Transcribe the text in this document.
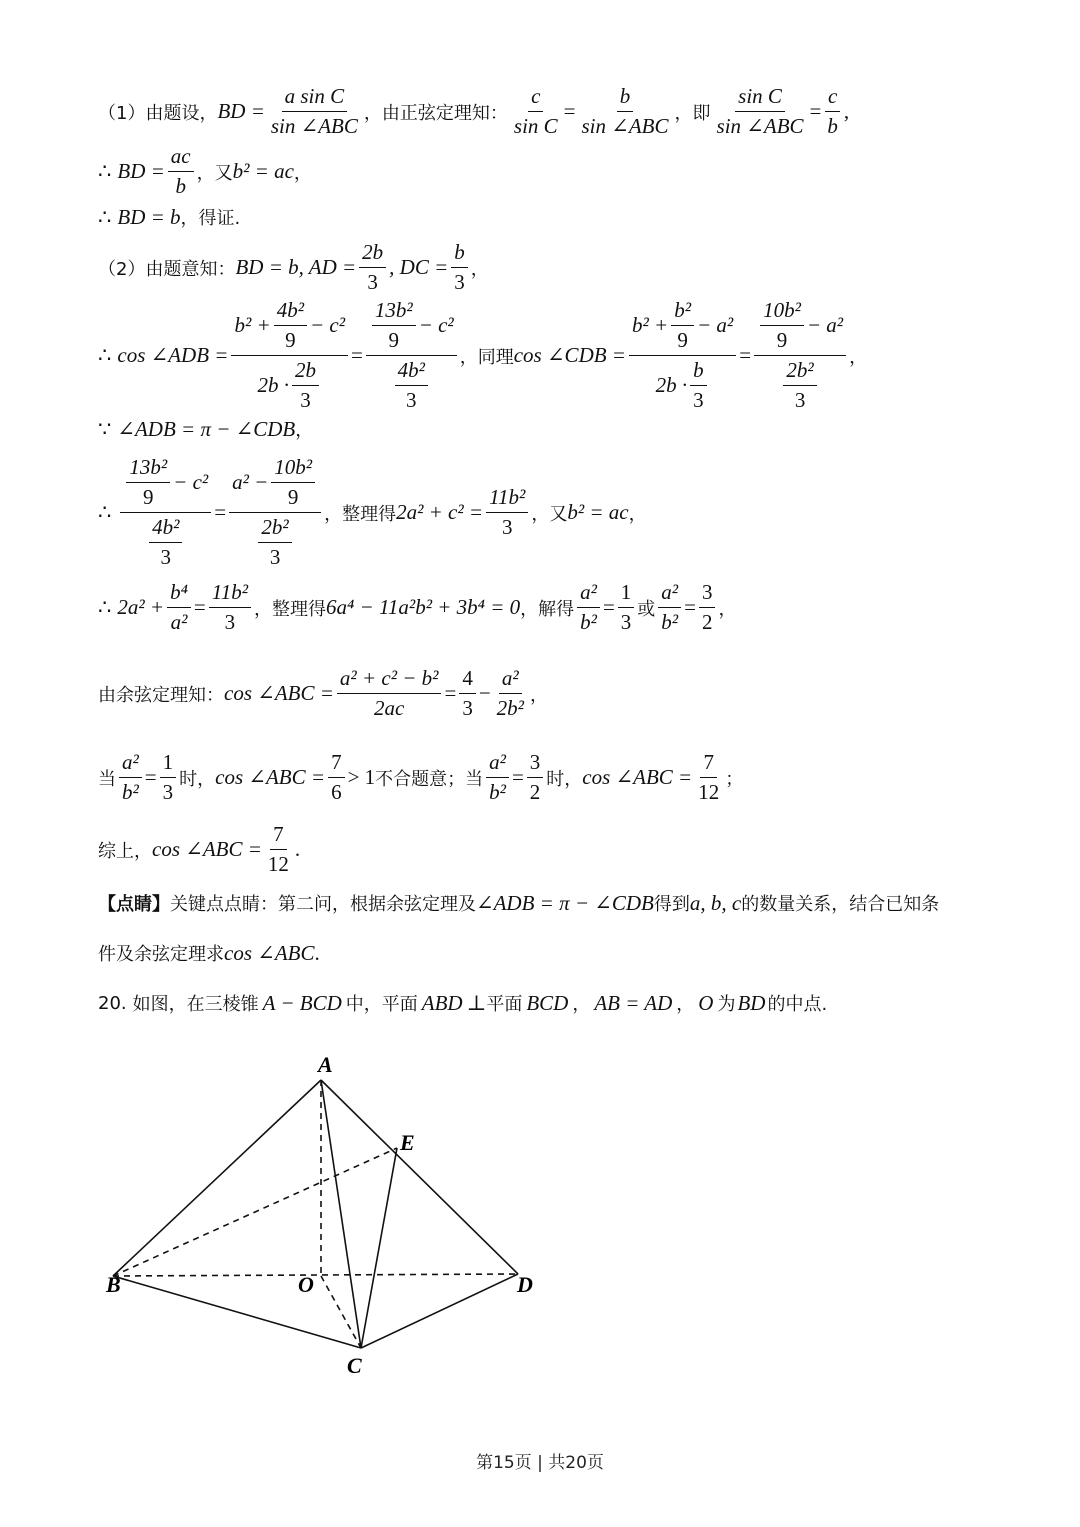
（1）由题设， BD = $\frac{\text{a sin C}}{\text{sin ∠ABC}}$ ，由正弦定理知： $\frac{c}{\text{sin C}} = \frac{b}{\text{sin ∠ABC}}$ ，即 $\frac{\text{sin C}}{\text{sin ∠ABC}} = \frac{c}{b}$ ,
∴ BD = $\frac{ac}{b}$ ，又 b² = ac ，
∴ BD = b ，得证.
（2）由题意知： BD = b, AD = $\frac{2b}{3}$ , DC = $\frac{b}{3}$ ，
∴ cos ∠ADB = $\frac{b^2 + \frac{\text{4b²}}{9} - c^2}{2b \cdot \frac{2b}{3}} = \frac{\frac{\text{13b²}}{9} - c^2}{\frac{\text{4b²}}{3}}$ ，同理 cos ∠CDB = $\frac{b^2 + \frac{\text{b²}}{9} - a^2}{2b \cdot \frac{b}{3}} = \frac{\frac{\text{10b²}}{9} - a^2}{\frac{\text{2b²}}{3}}$ ，
∵ ∠ADB = π − ∠CDB ，
∴ $\frac{\frac{\text{13b²}}{9} - c^2}{\frac{\text{4b²}}{3}} = \frac{a^2 - \frac{\text{10b²}}{9}}{\frac{\text{2b²}}{3}}$ ，整理得 $2a^2 + c^2 = \frac{\text{11b²}}{3}$ ，又 b² = ac ，
∴ $2a^2 + \frac{\text{b⁴}}{\text{a²}} = \frac{\text{11b²}}{3}$ ，整理得 6a⁴ − 11a²b² + 3b⁴ = 0 ，解得 $\frac{\text{a²}}{\text{b²}} = \frac{1}{3}$ 或 $\frac{\text{a²}}{\text{b²}} = \frac{3}{2}$ ，
由余弦定理知： cos ∠ABC = $\frac{\text{a² + c² − b²}}{2ac} = \frac{4}{3} - \frac{\text{a²}}{\text{2b²}}$ ，
当 $\frac{\text{a²}}{\text{b²}} = \frac{1}{3}$ 时， cos ∠ABC = $\frac{7}{6} > 1$ 不合题意；当 $\frac{\text{a²}}{\text{b²}} = \frac{3}{2}$ 时， cos ∠ABC = $\frac{7}{12}$ ；
综上， cos ∠ABC = $\frac{7}{12}$ .
【点睛】 关键点点睛：第二问，根据余弦定理及 ∠ADB = π − ∠CDB 得到 a, b, c 的数量关系，结合已知条
件及余弦定理求 cos ∠ABC .
20. 如图，在三棱锥 A − BCD 中，平面 ABD ⊥ 平面 BCD ， AB = AD ， O 为 BD 的中点.
A
B
C
D
E
O
第15页 | 共20页
